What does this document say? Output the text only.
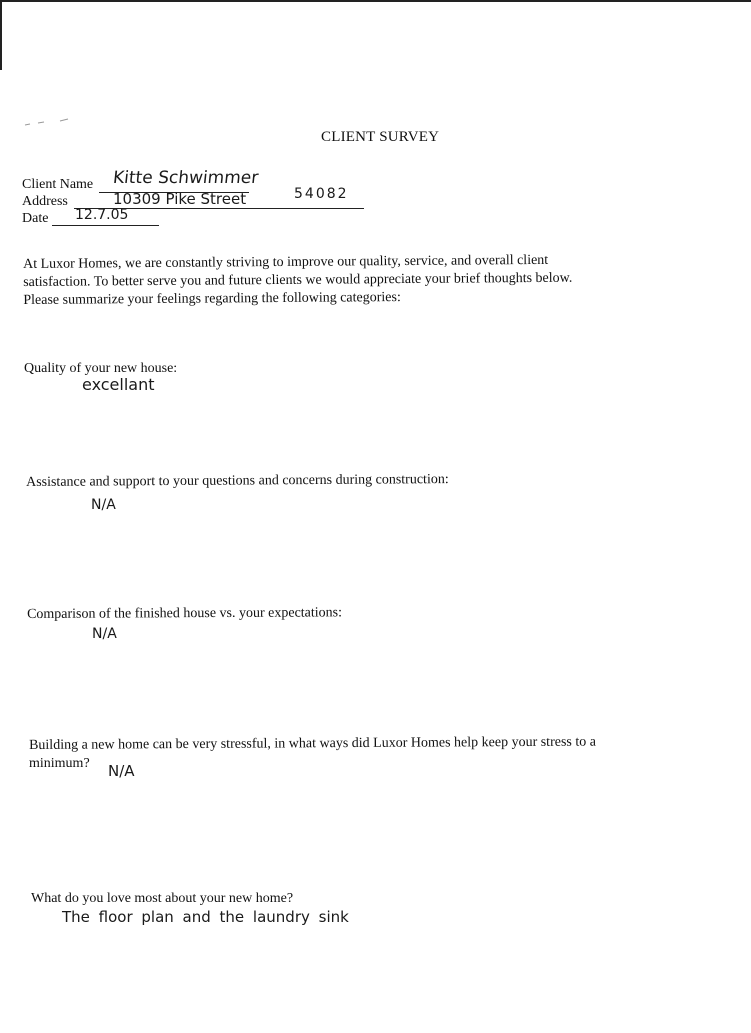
CLIENT SURVEY
Client Name Kitte Schwimmer
Address	10309 Pike Street	54082
Date 12.7.05
At Luxor Homes, we are constantly striving to improve our quality, service, and overall client
satisfaction. To better serve you and future clients we would appreciate your brief thoughts below.
Please summarize your feelings regarding the following categories:
Quality of your new house:
excellant
Assistance and support to your questions and concerns during construction:
N/A
Comparison of the finished house vs. your expectations:
N/A
Building a new home can be very stressful, in what ways did Luxor Homes help keep your stress to a
minimum? N/A
What do you love most about your new home?
The floor plan and the laundry sink
